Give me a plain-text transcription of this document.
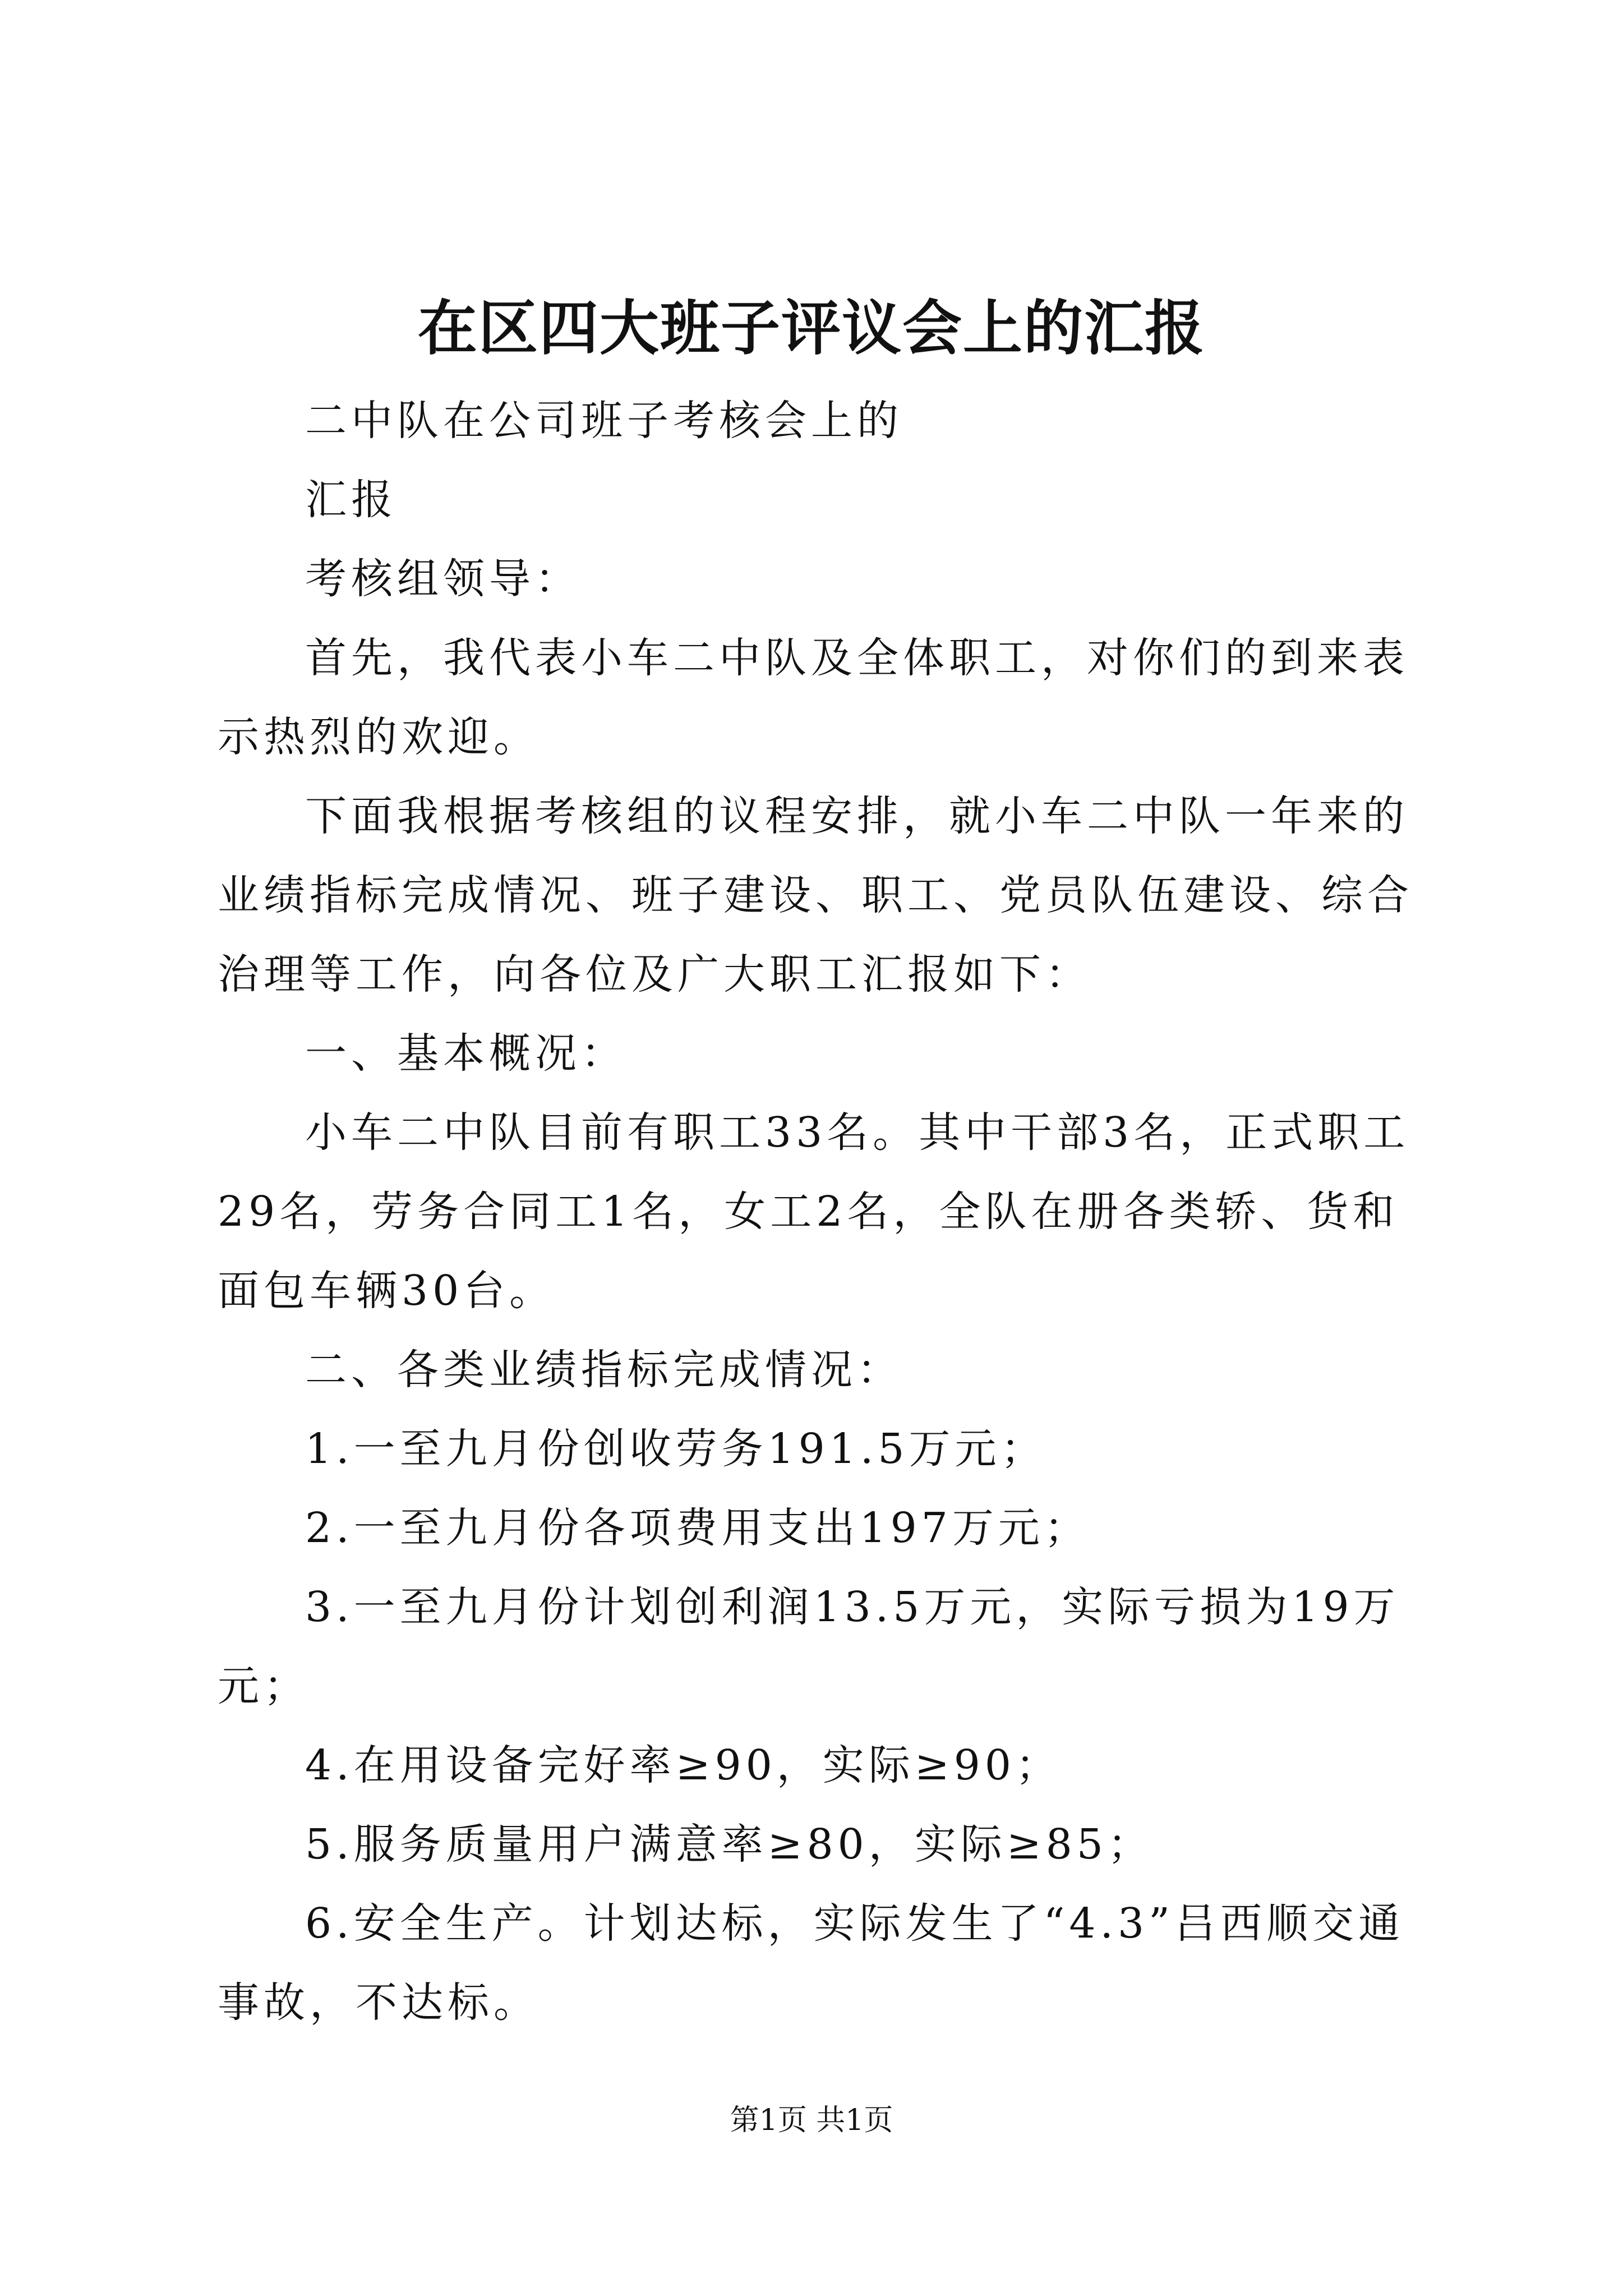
在区四大班子评议会上的汇报

二中队在公司班子考核会上的

汇报

考核组领导：

首先，我代表小车二中队及全体职工，对你们的到来表示热烈的欢迎。

下面我根据考核组的议程安排，就小车二中队一年来的业绩指标完成情况、班子建设、职工、党员队伍建设、综合治理等工作，向各位及广大职工汇报如下：

一、基本概况：

小车二中队目前有职工33名。其中干部3名，正式职工29名，劳务合同工1名，女工2名，全队在册各类轿、货和面包车辆30台。

二、各类业绩指标完成情况：

1.一至九月份创收劳务191.5万元；

2.一至九月份各项费用支出197万元；

3.一至九月份计划创利润13.5万元，实际亏损为19万元；

4.在用设备完好率≥90，实际≥90；

5.服务质量用户满意率≥80，实际≥85；

6.安全生产。计划达标，实际发生了“4.3”吕西顺交通事故，不达标。

第1页 共1页
